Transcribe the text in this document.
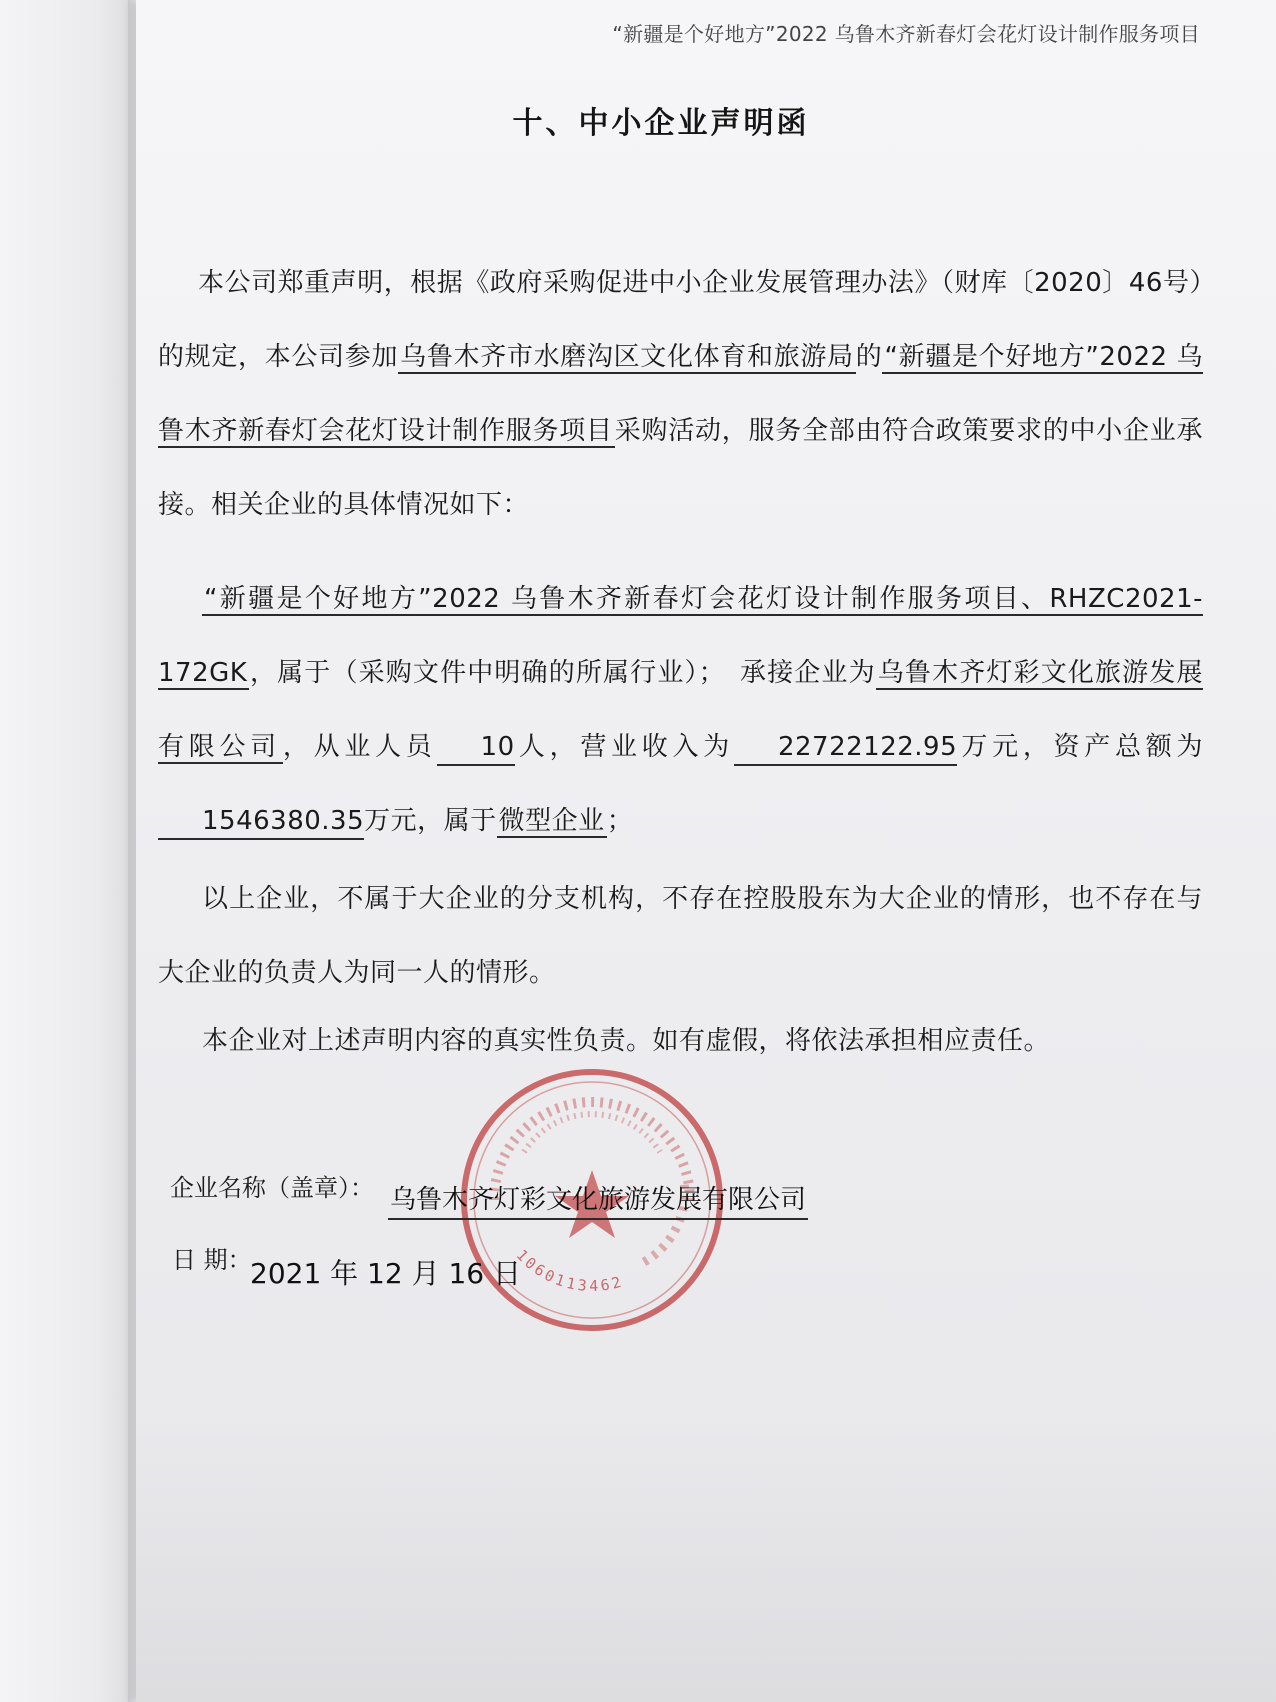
“新疆是个好地方”2022 乌鲁木齐新春灯会花灯设计制作服务项目
十、中小企业声明函
本公司郑重声明，根据《政府采购促进中小企业发展管理办法》（财库〔2020〕46号）的规定，本公司参加乌鲁木齐市水磨沟区文化体育和旅游局的“新疆是个好地方”2022 乌鲁木齐新春灯会花灯设计制作服务项目采购活动，服务全部由符合政策要求的中小企业承接。相关企业的具体情况如下：
“新疆是个好地方”2022 乌鲁木齐新春灯会花灯设计制作服务项目、RHZC2021-172GK，属于（采购文件中明确的所属行业）；　承接企业为乌鲁木齐灯彩文化旅游发展有限公司，从业人员 10人，营业收入为 22722122.95万元，资产总额为1546380.35万元，属于微型企业；
以上企业，不属于大企业的分支机构，不存在控股股东为大企业的情形，也不存在与大企业的负责人为同一人的情形。
本企业对上述声明内容的真实性负责。如有虚假，将依法承担相应责任。
1060113462
企业名称（盖章）： 乌鲁木齐灯彩文化旅游发展有限公司
日 期：
2021 年 12 月 16 日
